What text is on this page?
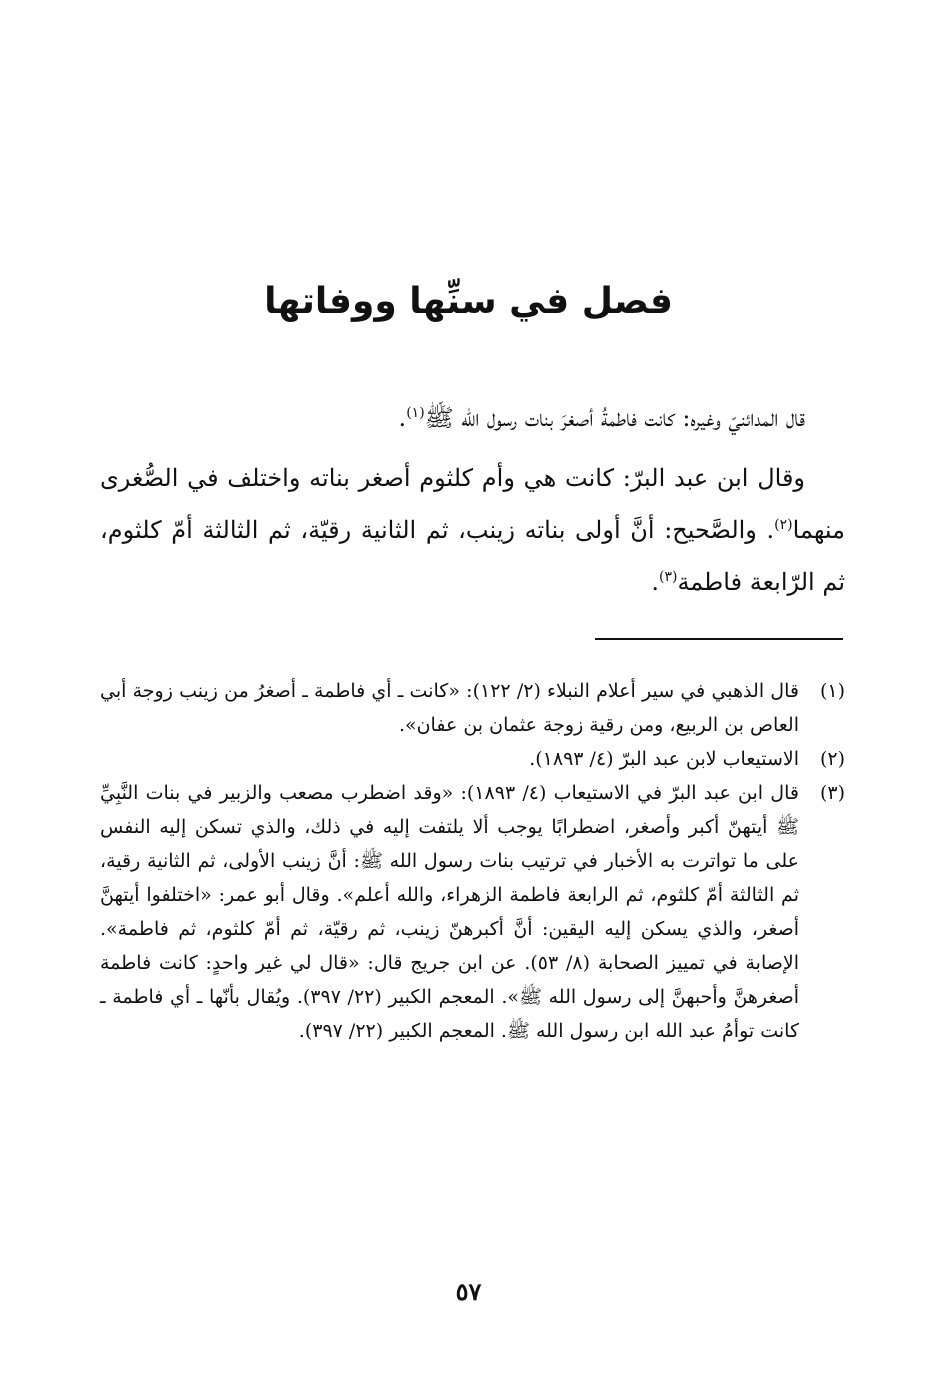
فصل في سنِّها ووفاتها

قال المدائنيّ وغيره: كانت فاطمةُ أصغرَ بنات رسول الله ﷺ$^{(١)}$.

وقال ابن عبد البرّ: كانت هي وأم كلثوم أصغر بناته واختلف في الصُّغرى منهما$^{(٢)}$. والصَّحيح: أنَّ أولى بناته زينب، ثم الثانية رقيّة، ثم الثالثة أمّ كلثوم، ثم الرّابعة فاطمة$^{(٣)}$.

(١)
قال الذهبي في سير أعلام النبلاء (٢/ ١٢٢): «كانت ـ أي فاطمة ـ أصغرُ من زينب زوجة أبي العاص بن الربيع، ومن رقية زوجة عثمان بن عفان».
(٢)
الاستيعاب لابن عبد البرّ (٤/ ١٨٩٣).
(٣)
قال ابن عبد البرّ في الاستيعاب (٤/ ١٨٩٣): «وقد اضطرب مصعب والزبير في بنات النَّبِيِّ ﷺ أيتهنّ أكبر وأصغر، اضطرابًا يوجب ألا يلتفت إليه في ذلك، والذي تسكن إليه النفس على ما تواترت به الأخبار في ترتيب بنات رسول الله ﷺ: أنَّ زينب الأولى، ثم الثانية رقية، ثم الثالثة أمّ كلثوم، ثم الرابعة فاطمة الزهراء، والله أعلم». وقال أبو عمر: «اختلفوا أيتهنَّ أصغر، والذي يسكن إليه اليقين: أنَّ أكبرهنّ زينب، ثم رقيّة، ثم أمّ كلثوم، ثم فاطمة». الإصابة في تمييز الصحابة (٨/ ٥٣). عن ابن جريج قال: «قال لي غير واحدٍ: كانت فاطمة أصغرهنَّ وأحبهنَّ إلى رسول الله ﷺ». المعجم الكبير (٢٢/ ٣٩٧). ويُقال بأنّها ـ أي فاطمة ـ كانت توأمُ عبد الله ابن رسول الله ﷺ. المعجم الكبير (٢٢/ ٣٩٧).
٥٧
